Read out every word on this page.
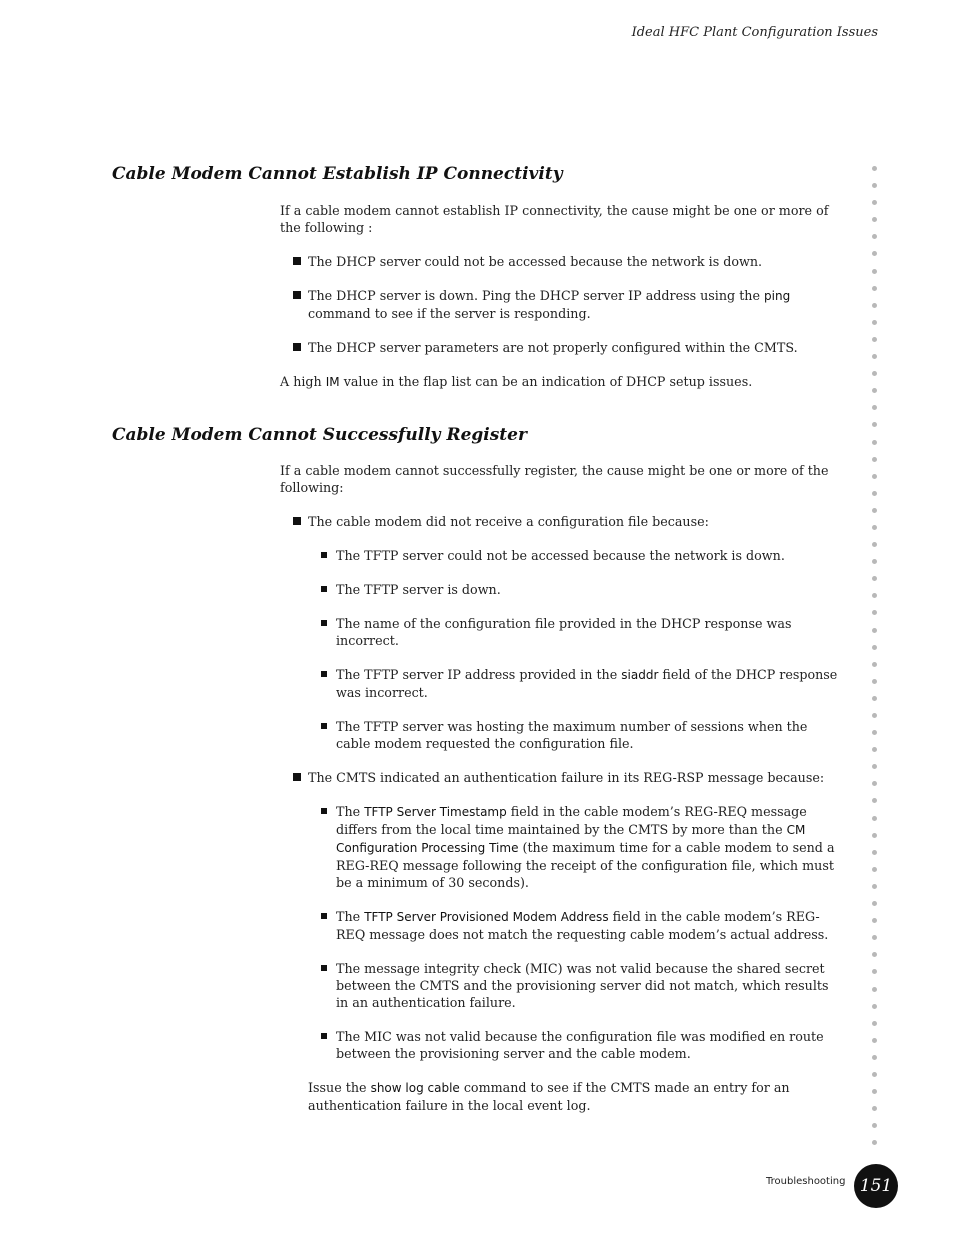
Ideal HFC Plant Configuration Issues
Cable Modem Cannot Establish IP Connectivity

If a cable modem cannot establish IP connectivity, the cause might be one or more of the following :

The DHCP server could not be accessed because the network is down.
The DHCP server is down. Ping the DHCP server IP address using the ping command to see if the server is responding.
The DHCP server parameters are not properly configured within the CMTS.

A high IM value in the flap list can be an indication of DHCP setup issues.

Cable Modem Cannot Successfully Register

If a cable modem cannot successfully register, the cause might be one or more of the following:

The cable modem did not receive a configuration file because:
The TFTP server could not be accessed because the network is down.
The TFTP server is down.
The name of the configuration file provided in the DHCP response was incorrect.
The TFTP server IP address provided in the siaddr field of the DHCP response was incorrect.
The TFTP server was hosting the maximum number of sessions when the cable modem requested the configuration file.
The CMTS indicated an authentication failure in its REG-RSP message because:
The TFTP Server Timestamp field in the cable modem’s REG-REQ message differs from the local time maintained by the CMTS by more than the CM Configuration Processing Time (the maximum time for a cable modem to send a REG-REQ message following the receipt of the configuration file, which must be a minimum of 30 seconds).
The TFTP Server Provisioned Modem Address field in the cable modem’s REG-REQ message does not match the requesting cable modem’s actual address.
The message integrity check (MIC) was not valid because the shared secret between the CMTS and the provisioning server did not match, which results in an authentication failure.
The MIC was not valid because the configuration file was modified en route between the provisioning server and the cable modem.

Issue the show log cable command to see if the CMTS made an entry for an authentication failure in the local event log.

Troubleshooting 151
